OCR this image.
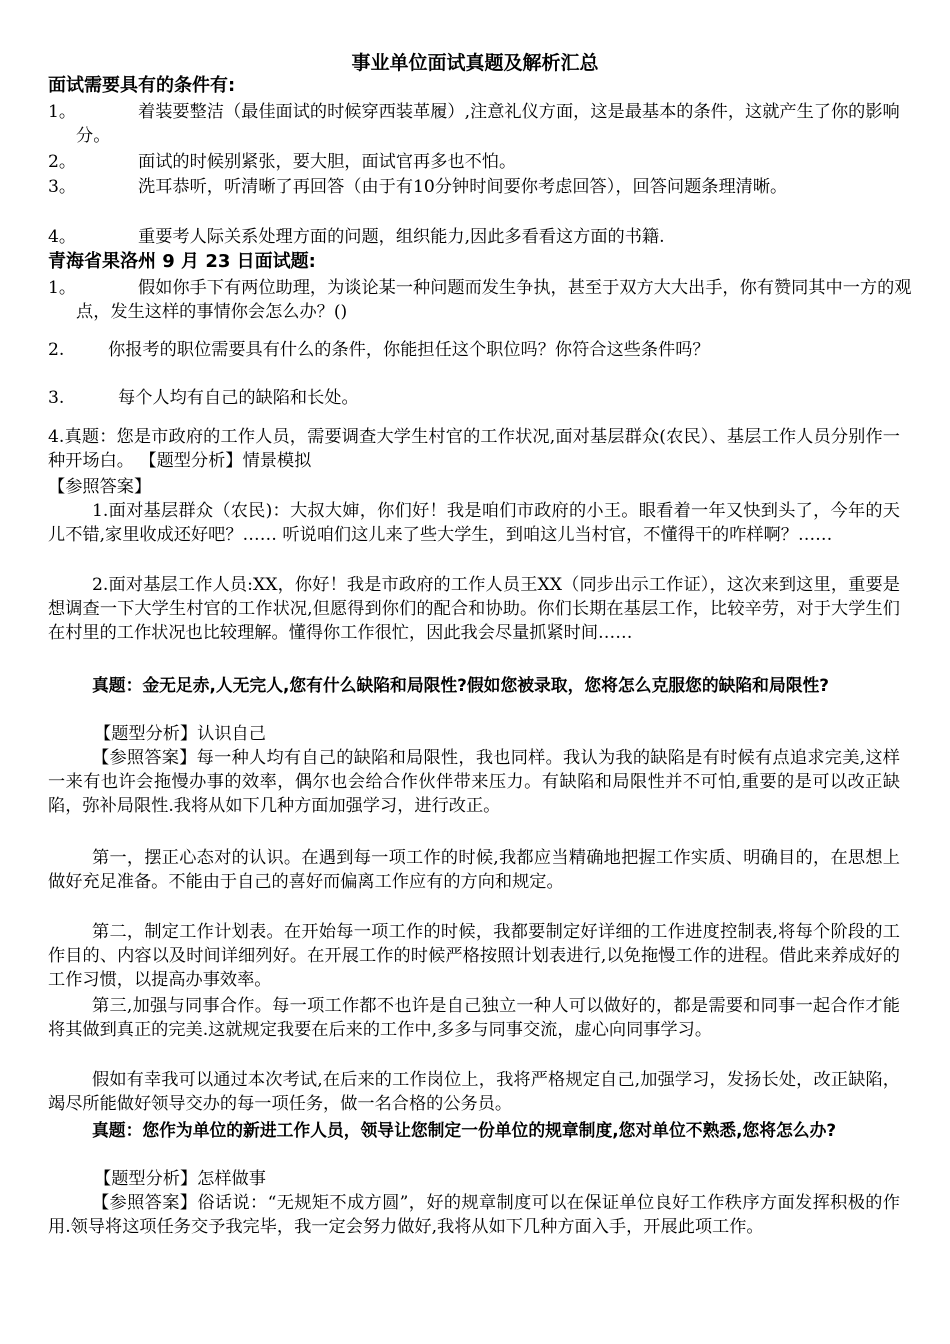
事业单位面试真题及解析汇总
面试需要具有的条件有:
1。	着装要整洁（最佳面试的时候穿西装革履）,注意礼仪方面，这是最基本的条件，这就产生了你的影响分。
2。	面试的时候别紧张，要大胆，面试官再多也不怕。
3。	洗耳恭听，听清晰了再回答（由于有10分钟时间要你考虑回答），回答问题条理清晰。
4。	重要考人际关系处理方面的问题，组织能力,因此多看看这方面的书籍.
青海省果洛州 9 月 23 日面试题:
1。	假如你手下有两位助理，为谈论某一种问题而发生争执，甚至于双方大大出手，你有赞同其中一方的观点，发生这样的事情你会怎么办？()
2.	你报考的职位需要具有什么的条件，你能担任这个职位吗？你符合这些条件吗？
3.	每个人均有自己的缺陷和长处。
4.真题：您是市政府的工作人员，需要调查大学生村官的工作状况,面对基层群众(农民）、基层工作人员分别作一种开场白。 【题型分析】情景模拟
【参照答案】
1.面对基层群众（农民)：大叔大婶，你们好！我是咱们市政府的小王。眼看着一年又快到头了，今年的天儿不错,家里收成还好吧？…… 听说咱们这儿来了些大学生，到咱这儿当村官，不懂得干的咋样啊？……
2.面对基层工作人员:XX，你好！我是市政府的工作人员王XX（同步出示工作证），这次来到这里，重要是想调查一下大学生村官的工作状况,但愿得到你们的配合和协助。你们长期在基层工作，比较辛劳，对于大学生们在村里的工作状况也比较理解。懂得你工作很忙，因此我会尽量抓紧时间……
真题：金无足赤,人无完人,您有什么缺陷和局限性?假如您被录取，您将怎么克服您的缺陷和局限性?
【题型分析】认识自己
【参照答案】每一种人均有自己的缺陷和局限性，我也同样。我认为我的缺陷是有时候有点追求完美,这样一来有也许会拖慢办事的效率，偶尔也会给合作伙伴带来压力。有缺陷和局限性并不可怕,重要的是可以改正缺陷，弥补局限性.我将从如下几种方面加强学习，进行改正。
第一，摆正心态对的认识。在遇到每一项工作的时候,我都应当精确地把握工作实质、明确目的，在思想上做好充足准备。不能由于自己的喜好而偏离工作应有的方向和规定。
第二，制定工作计划表。在开始每一项工作的时候，我都要制定好详细的工作进度控制表,将每个阶段的工作目的、内容以及时间详细列好。在开展工作的时候严格按照计划表进行,以免拖慢工作的进程。借此来养成好的工作习惯，以提高办事效率。
第三,加强与同事合作。每一项工作都不也许是自己独立一种人可以做好的，都是需要和同事一起合作才能将其做到真正的完美.这就规定我要在后来的工作中,多多与同事交流，虚心向同事学习。
假如有幸我可以通过本次考试,在后来的工作岗位上，我将严格规定自己,加强学习，发扬长处，改正缺陷，竭尽所能做好领导交办的每一项任务，做一名合格的公务员。
真题：您作为单位的新进工作人员，领导让您制定一份单位的规章制度,您对单位不熟悉,您将怎么办?
【题型分析】怎样做事
【参照答案】俗话说：“无规矩不成方圆”，好的规章制度可以在保证单位良好工作秩序方面发挥积极的作用.领导将这项任务交予我完毕，我一定会努力做好,我将从如下几种方面入手，开展此项工作。
